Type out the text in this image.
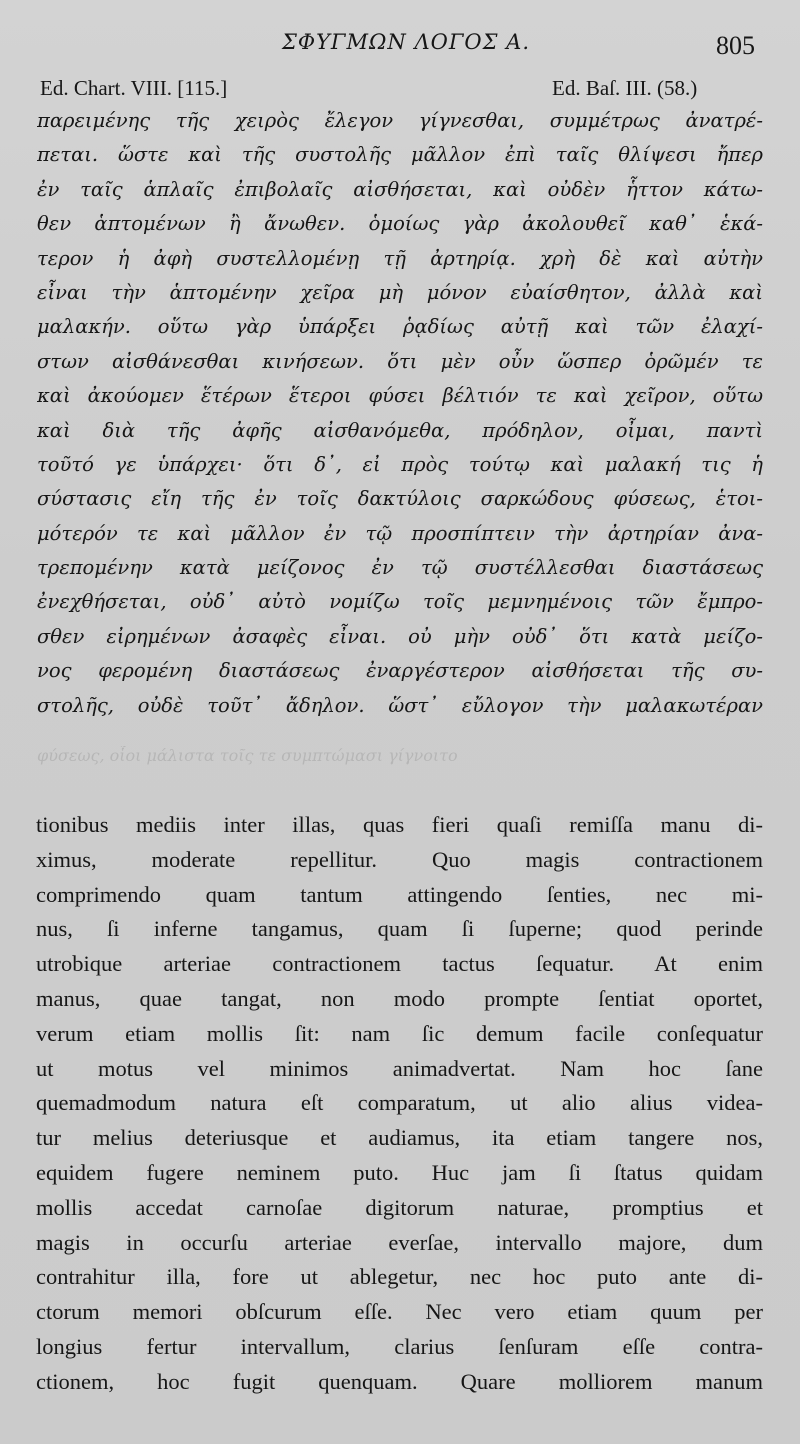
ΣΦΥΓΜΩΝ ΛΟΓΟΣ Α.	805
Ed. Chart. VIII. [115.]	Ed. Baſ. III. (58.)
παρειμένης τῆς χειρὸς ἔλεγον γίγνεσθαι, συμμέτρως ἀνατρέ-
πεται. ὥστε καὶ τῆς συστολῆς μᾶλλον ἐπὶ ταῖς θλίψεσι ἤπερ
ἐν ταῖς ἁπλαῖς ἐπιβολαῖς αἰσθήσεται, καὶ οὐδὲν ἧττον κάτω-
θεν ἁπτομένων ἢ ἄνωθεν. ὁμοίως γὰρ ἀκολουθεῖ καθ᾽ ἑκά-
τερον ἡ ἀφὴ συστελλομένῃ τῇ ἀρτηρίᾳ. χρὴ δὲ καὶ αὐτὴν
εἶναι τὴν ἁπτομένην χεῖρα μὴ μόνον εὐαίσθητον, ἀλλὰ καὶ
μαλακήν. οὕτω γὰρ ὑπάρξει ῥᾳδίως αὐτῇ καὶ τῶν ἐλαχί-
στων αἰσθάνεσθαι κινήσεων. ὅτι μὲν οὖν ὥσπερ ὁρῶμέν τε
καὶ ἀκούομεν ἕτέρων ἕτεροι φύσει βέλτιόν τε καὶ χεῖρον, οὕτω
καὶ διὰ τῆς ἀφῆς αἰσθανόμεθα, πρόδηλον, οἶμαι, παντὶ
τοῦτό γε ὑπάρχει· ὅτι δ᾽, εἰ πρὸς τούτῳ καὶ μαλακή τις ἡ
σύστασις εἴη τῆς ἐν τοῖς δακτύλοις σαρκώδους φύσεως, ἑτοι-
μότερόν τε καὶ μᾶλλον ἐν τῷ προσπίπτειν τὴν ἀρτηρίαν ἀνα-
τρεπομένην κατὰ μείζονος ἐν τῷ συστέλλεσθαι διαστάσεως
ἐνεχθήσεται, οὐδ᾽ αὐτὸ νομίζω τοῖς μεμνημένοις τῶν ἔμπρο-
σθεν εἰρημένων ἀσαφὲς εἶναι. οὐ μὴν οὐδ᾽ ὅτι κατὰ μείζο-
νος φερομένη διαστάσεως ἐναργέστερον αἰσθήσεται τῆς συ-
στολῆς, οὐδὲ τοῦτ᾽ ἄδηλον. ὥστ᾽ εὔλογον τὴν μαλακωτέραν
φύσεως, οἷοι μάλιστα τοῖς τε συμπτώμασι γίγνοιτο
tionibus mediis inter illas, quas fieri quaſi remiſſa manu di-
ximus, moderate repellitur. Quo magis contractionem
comprimendo quam tantum attingendo ſenties, nec mi-
nus, ſi inferne tangamus, quam ſi ſuperne; quod perinde
utrobique arteriae contractionem tactus ſequatur. At enim
manus, quae tangat, non modo prompte ſentiat oportet,
verum etiam mollis ſit: nam ſic demum facile conſequatur
ut motus vel minimos animadvertat. Nam hoc ſane
quemadmodum natura eſt comparatum, ut alio alius videa-
tur melius deteriusque et audiamus, ita etiam tangere nos,
equidem fugere neminem puto. Huc jam ſi ſtatus quidam
mollis accedat carnoſae digitorum naturae, promptius et
magis in occurſu arteriae everſae, intervallo majore, dum
contrahitur illa, fore ut ablegetur, nec hoc puto ante di-
ctorum memori obſcurum eſſe. Nec vero etiam quum per
longius fertur intervallum, clarius ſenſuram eſſe contra-
ctionem, hoc fugit quenquam. Quare molliorem manum
